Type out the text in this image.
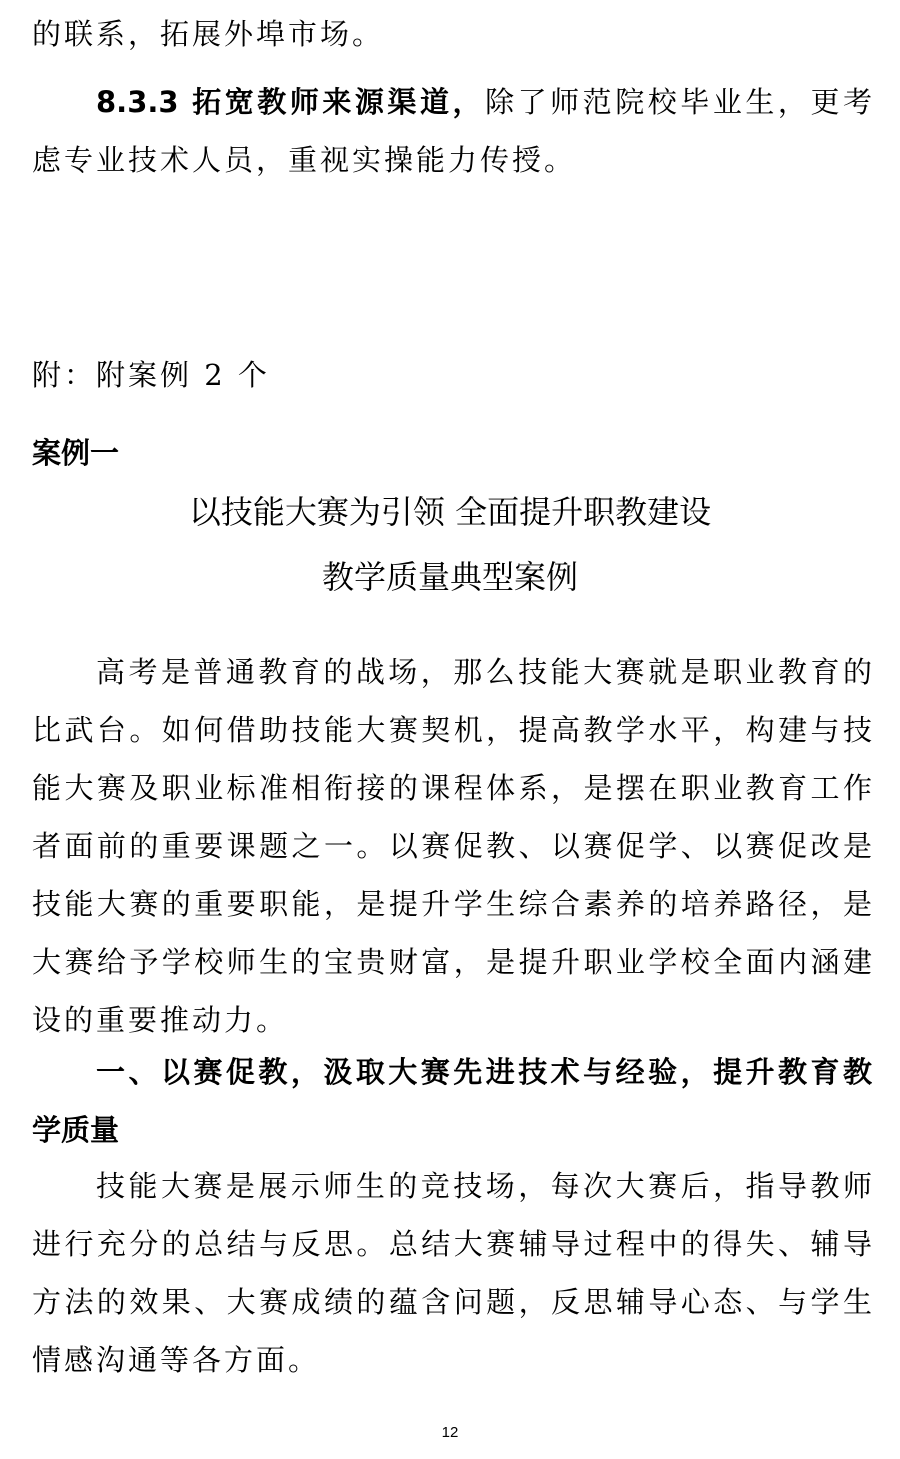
的联系，拓展外埠市场。
8.3.3 拓宽教师来源渠道，除了师范院校毕业生，更考
虑专业技术人员，重视实操能力传授。
附：附案例 2 个
案例一
以技能大赛为引领 全面提升职教建设
教学质量典型案例
高考是普通教育的战场，那么技能大赛就是职业教育的
比武台。如何借助技能大赛契机，提高教学水平，构建与技
能大赛及职业标准相衔接的课程体系，是摆在职业教育工作
者面前的重要课题之一。以赛促教、以赛促学、以赛促改是
技能大赛的重要职能，是提升学生综合素养的培养路径，是
大赛给予学校师生的宝贵财富，是提升职业学校全面内涵建
设的重要推动力。
一、以赛促教，汲取大赛先进技术与经验，提升教育教
学质量
技能大赛是展示师生的竞技场，每次大赛后，指导教师
进行充分的总结与反思。总结大赛辅导过程中的得失、辅导
方法的效果、大赛成绩的蕴含问题，反思辅导心态、与学生
情感沟通等各方面。
12
